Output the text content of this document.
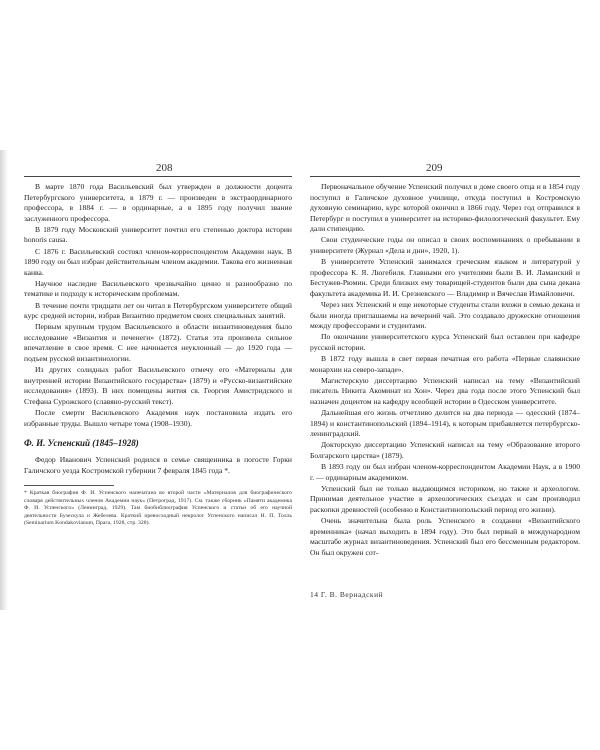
208

В марте 1870 года Васильевский был утвержден в должности доцента Петербургского университета, в 1879 г. — произведен в экстраординарного профессора, в 1884 г. — в ординарные, а в 1895 году получил звание заслуженного профессора.

В 1879 году Московский университет почтил его степенью доктора истории honoris causa.

С 1876 г. Васильевский состоял членом-корреспондентом Академии наук. В 1890 году он был избран действительным членом академии. Такова его жизненная канва.

Научное наследие Васильевского чрезвычайно ценно и разнообразно по тематике и подходу к историческим проблемам.

В течение почти тридцати лет он читал в Петербургском университете общий курс средней истории, избрав Византию предметом своих специальных занятий.

Первым крупным трудом Васильевского в области византиноведения было исследование «Византия и печенеги» (1872). Статья эта произвела сильное впечатление в свое время. С нее начинается неуклонный — до 1920 года — подъем русской византинологии.

Из других солидных работ Васильевского отмечу его «Материалы для внутренней истории Византийского государства» (1879) и «Русско-византийские исследования» (1893). В них помещены жития св. Георгия Амистридского и Стефана Сурожского (славяно-русский текст).

После смерти Васильевского Академия наук постановила издать его избранные труды. Вышло четыре тома (1908–1930).

Ф. И. Успенский (1845–1928)

Федор Иванович Успенский родился в семье священника в погосте Горки Галичского уезда Костромской губернии 7 февраля 1845 года *.

* Краткая биография Ф. И. Успенского напечатана во второй части «Материалов для биографического словаря действительных членов Академии наук» (Петроград, 1917). См. также сборник «Памяти академика Ф. И. Успенского» (Ленинград, 1929). Там биобиблиография Успенского и статьи об его научной деятельности Бузескула и Жебелева. Краткий превосходный некролог Успенского написал Н. П. Толль (Seminarium Kondakovianum, Прага, 1928, стр. 328).
209

Первоначальное обучение Успенский получил в доме своего отца и в 1854 году поступил в Галичское духовное училище, откуда поступил в Костромскую духовную семинарию, курс которой окончил в 1866 году. Через год отправился в Петербург и поступил в университет на историко-филологический факультет. Ему дали стипендию.

Свои студенческие годы он описал в своих воспоминаниях о пребывании в университете (Журнал «Дела и дни», 1920, 1).

В университете Успенский занимался греческим языком и литературой у профессора К. Я. Люгебиля. Главными его учителями были В. И. Ламанский и Бестужев-Рюмин. Среди близких ему товарищей-студентов были два сына декана факультета академика И. И. Срезневского — Владимир и Вячеслав Измайловичи.

Через них Успенский и еще некоторые студенты стали вхожи в семью декана и были иногда приглашаемы на вечерний чай. Это создавало дружеские отношения между профессорами и студентами.

По окончании университетского курса Успенский был оставлен при кафедре русской истории.

В 1872 году вышла в свет первая печатная его работа «Первые славянские монархии на северо-западе».

Магистерскую диссертацию Успенский написал на тему «Византийский писатель Никита Акоминат из Хон». Через два года после этого Успенский был назначен доцентом на кафедру всеобщей истории в Одесском университете.

Дальнейшая его жизнь отчетливо делится на два периода — одесский (1874–1894) и константинопольский (1894–1914), к которым прибавляется петербургско-ленинградский.

Докторскую диссертацию Успенский написал на тему «Образование второго Болгарского царства» (1879).

В 1893 году он был избран членом-корреспондентом Академии Наук, а в 1900 г. — ординарным академиком.

Успенский был не только выдающимся историком, но также и археологом. Принимая деятельное участие в археологических съездах и сам производил раскопки древностей (особенно в Константинопольский период его жизни).

Очень значительна была роль Успенского в создании «Византийского временника» (начал выходить в 1894 году). Это был первый в международном масштабе журнал византиноведения. Успенский был его бессменным редактором. Он был окружен сот-

14 Г. В. Вернадский
